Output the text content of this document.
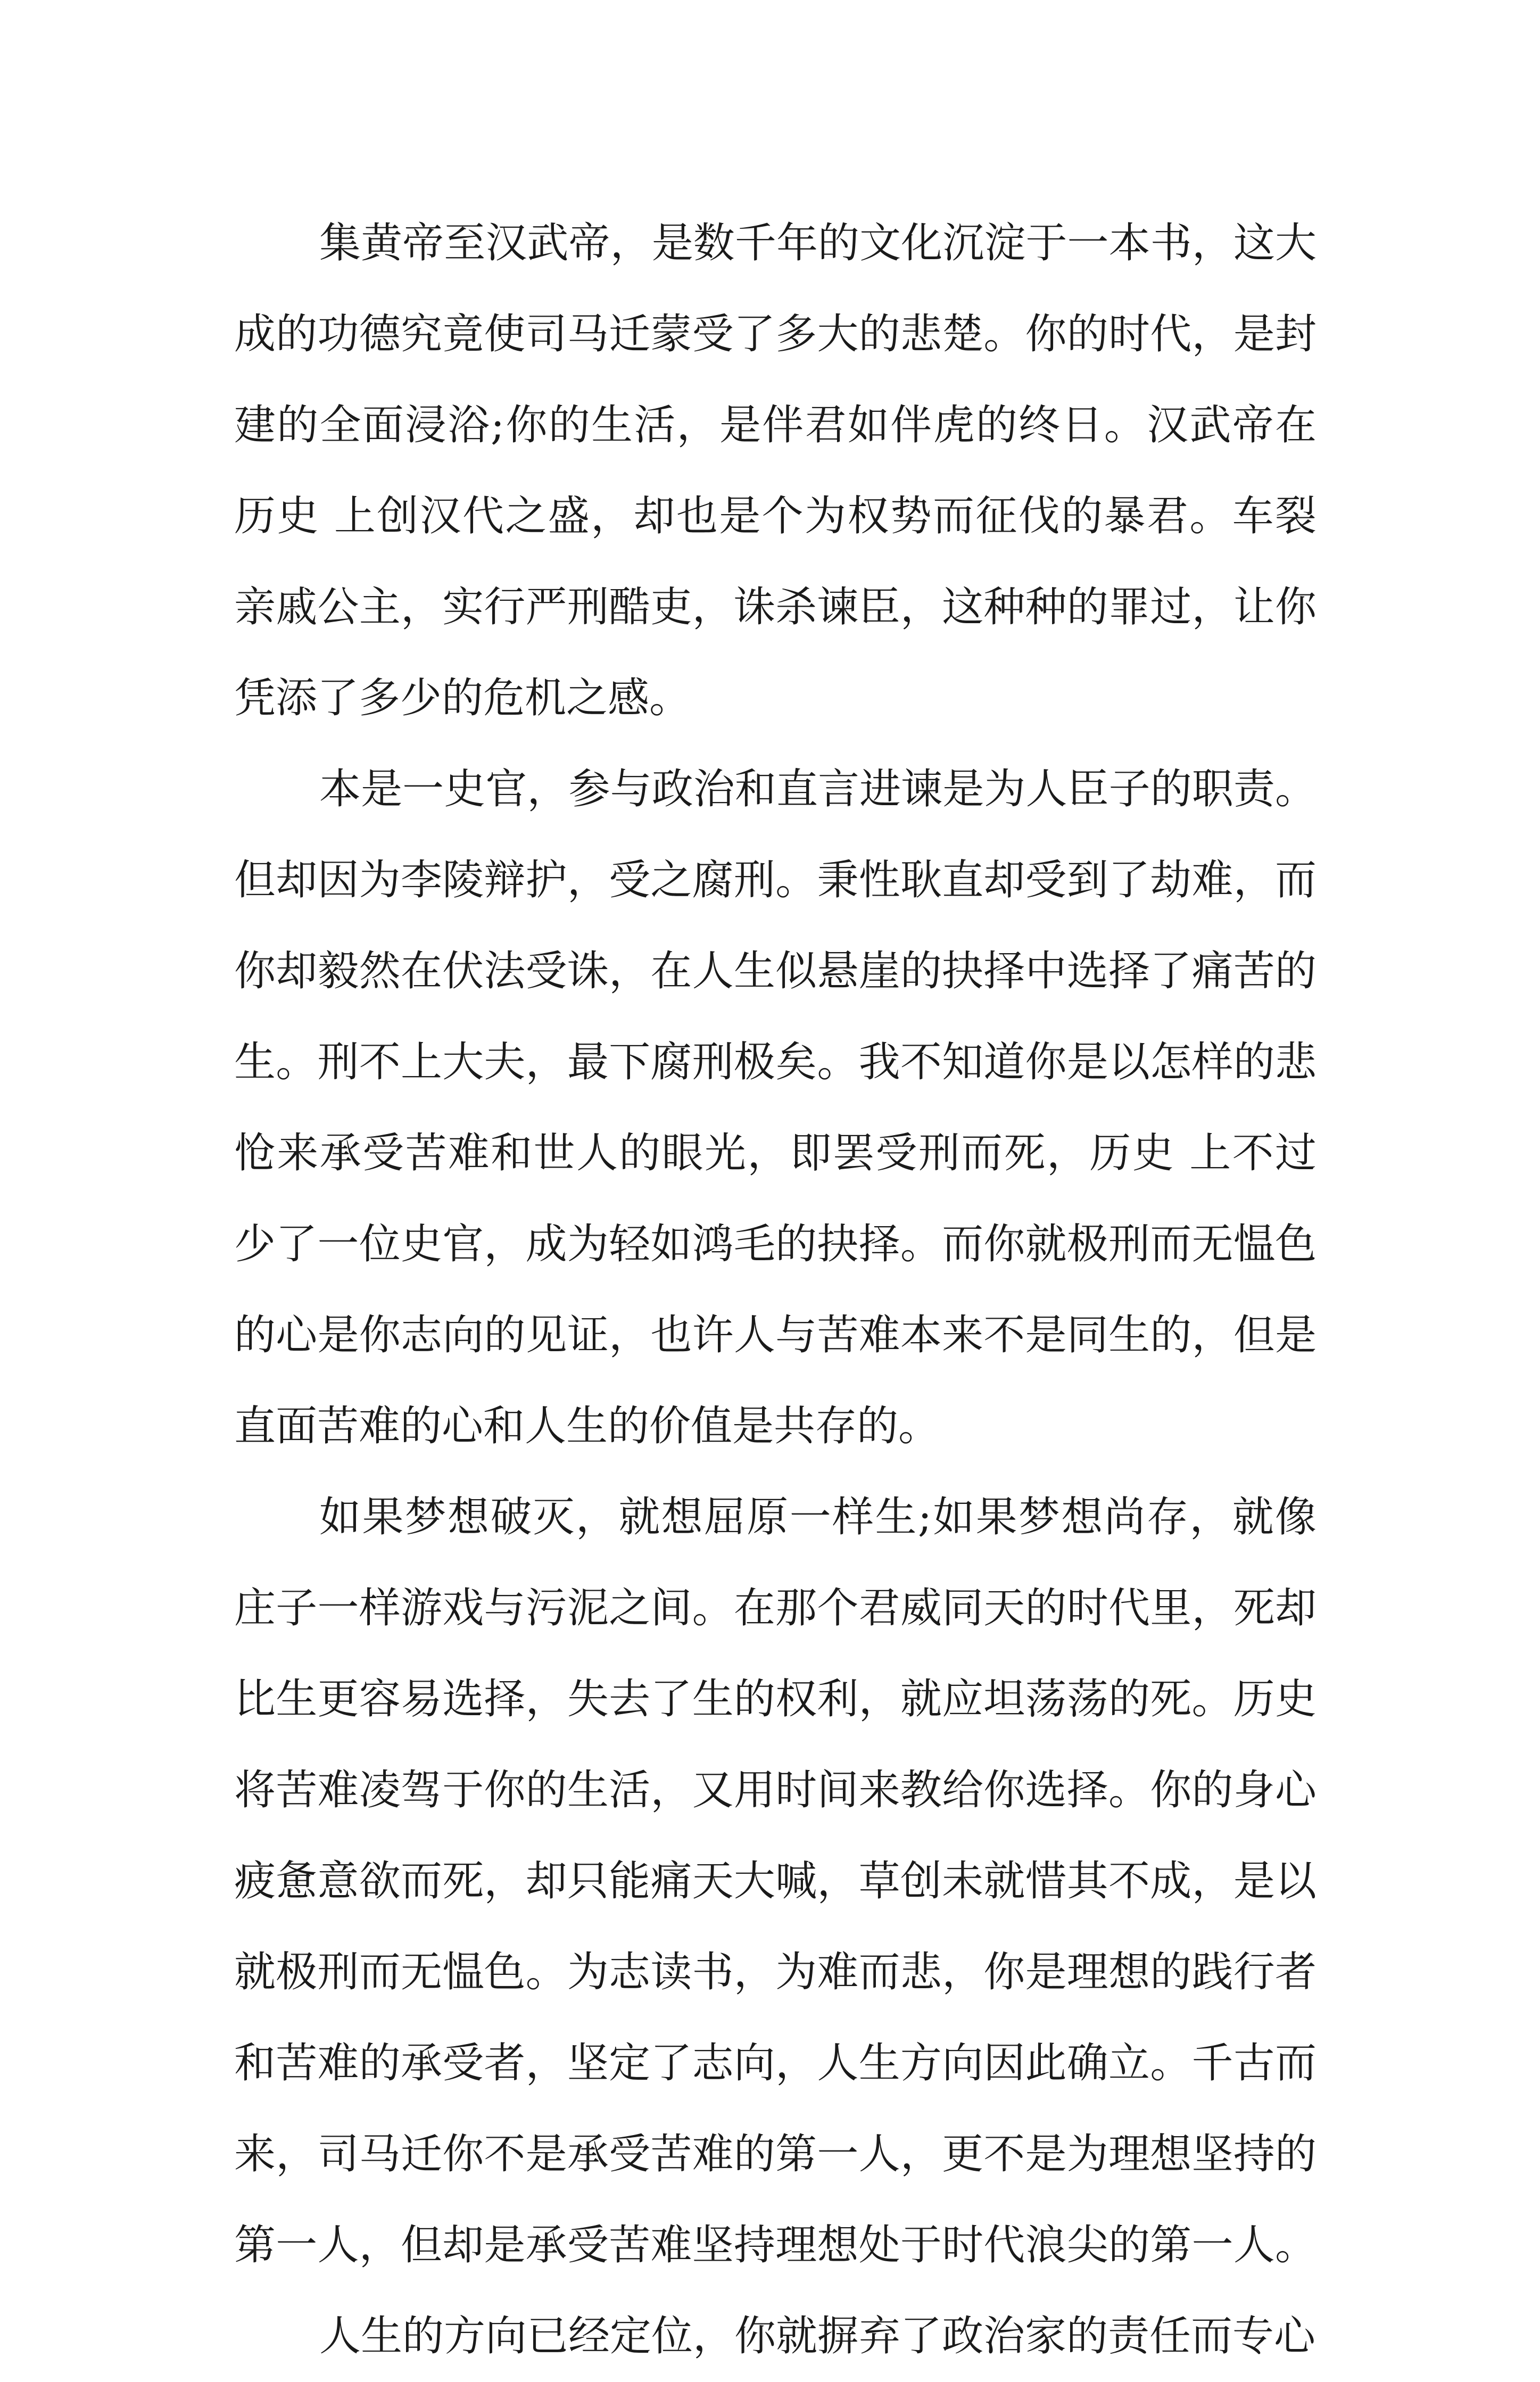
集黄帝至汉武帝，是数千年的文化沉淀于一本书，这大
成的功德究竟使司马迁蒙受了多大的悲楚。你的时代，是封
建的全面浸浴;你的生活，是伴君如伴虎的终日。汉武帝在
历史 上创汉代之盛，却也是个为权势而征伐的暴君。车裂
亲戚公主，实行严刑酷吏，诛杀谏臣，这种种的罪过，让你
凭添了多少的危机之感。
本是一史官，参与政治和直言进谏是为人臣子的职责。
但却因为李陵辩护，受之腐刑。秉性耿直却受到了劫难，而
你却毅然在伏法受诛，在人生似悬崖的抉择中选择了痛苦的
生。刑不上大夫，最下腐刑极矣。我不知道你是以怎样的悲
怆来承受苦难和世人的眼光，即罢受刑而死，历史 上不过
少了一位史官，成为轻如鸿毛的抉择。而你就极刑而无愠色
的心是你志向的见证，也许人与苦难本来不是同生的，但是
直面苦难的心和人生的价值是共存的。
如果梦想破灭，就想屈原一样生;如果梦想尚存，就像
庄子一样游戏与污泥之间。在那个君威同天的时代里，死却
比生更容易选择，失去了生的权利，就应坦荡荡的死。历史
将苦难凌驾于你的生活，又用时间来教给你选择。你的身心
疲惫意欲而死，却只能痛天大喊，草创未就惜其不成，是以
就极刑而无愠色。为志读书，为难而悲，你是理想的践行者
和苦难的承受者，坚定了志向，人生方向因此确立。千古而
来，司马迁你不是承受苦难的第一人，更不是为理想坚持的
第一人，但却是承受苦难坚持理想处于时代浪尖的第一人。
人生的方向已经定位，你就摒弃了政治家的责任而专心
